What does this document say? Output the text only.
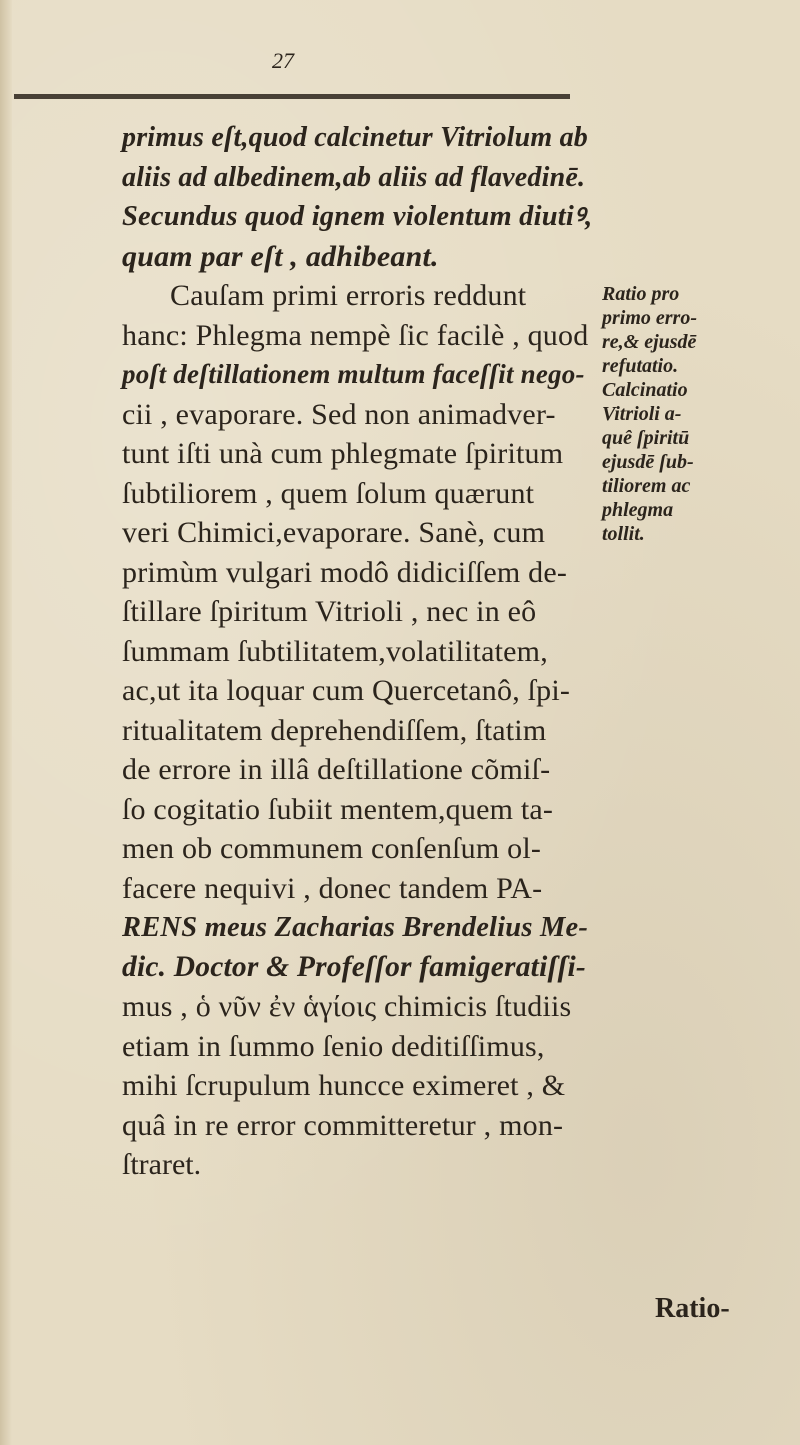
27
primus eſt,quod calcinetur Vitriolum ab
aliis ad albedinem,ab aliis ad flavedinē.
Secundus quod ignem violentum diutiꝰ,
quam par eſt , adhibeant.
Cauſam primi erroris reddunt
hanc: Phlegma nempè ſic facilè , quod
poſt deſtillationem multum faceſſit nego-
cii , evaporare. Sed non animadver-
tunt iſti unà cum phlegmate ſpiritum
ſubtiliorem , quem ſolum quærunt
veri Chimici,evaporare. Sanè, cum
primùm vulgari modô didiciſſem de-
ſtillare ſpiritum Vitrioli , nec in eô
ſummam ſubtilitatem,volatilitatem,
ac,ut ita loquar cum Quercetanô, ſpi-
ritualitatem deprehendiſſem, ſtatim
de errore in illâ deſtillatione cõmiſ-
ſo cogitatio ſubiit mentem,quem ta-
men ob communem conſenſum ol-
facere nequivi , donec tandem PA-
RENS meus Zacharias Brendelius Me-
dic. Doctor & Profeſſor famigeratiſſi-
mus , ὁ νῦν ἐν ἁγίοις chimicis ſtudiis
etiam in ſummo ſenio deditiſſimus,
mihi ſcrupulum huncce eximeret , &
quâ in re error committeretur , mon-
ſtraret.
Ratio pro
primo erro-
re,& ejusdē
refutatio.
Calcinatio
Vitrioli a-
quê ſpiritū
ejusdē ſub-
tiliorem ac
phlegma
tollit.
Ratio-
